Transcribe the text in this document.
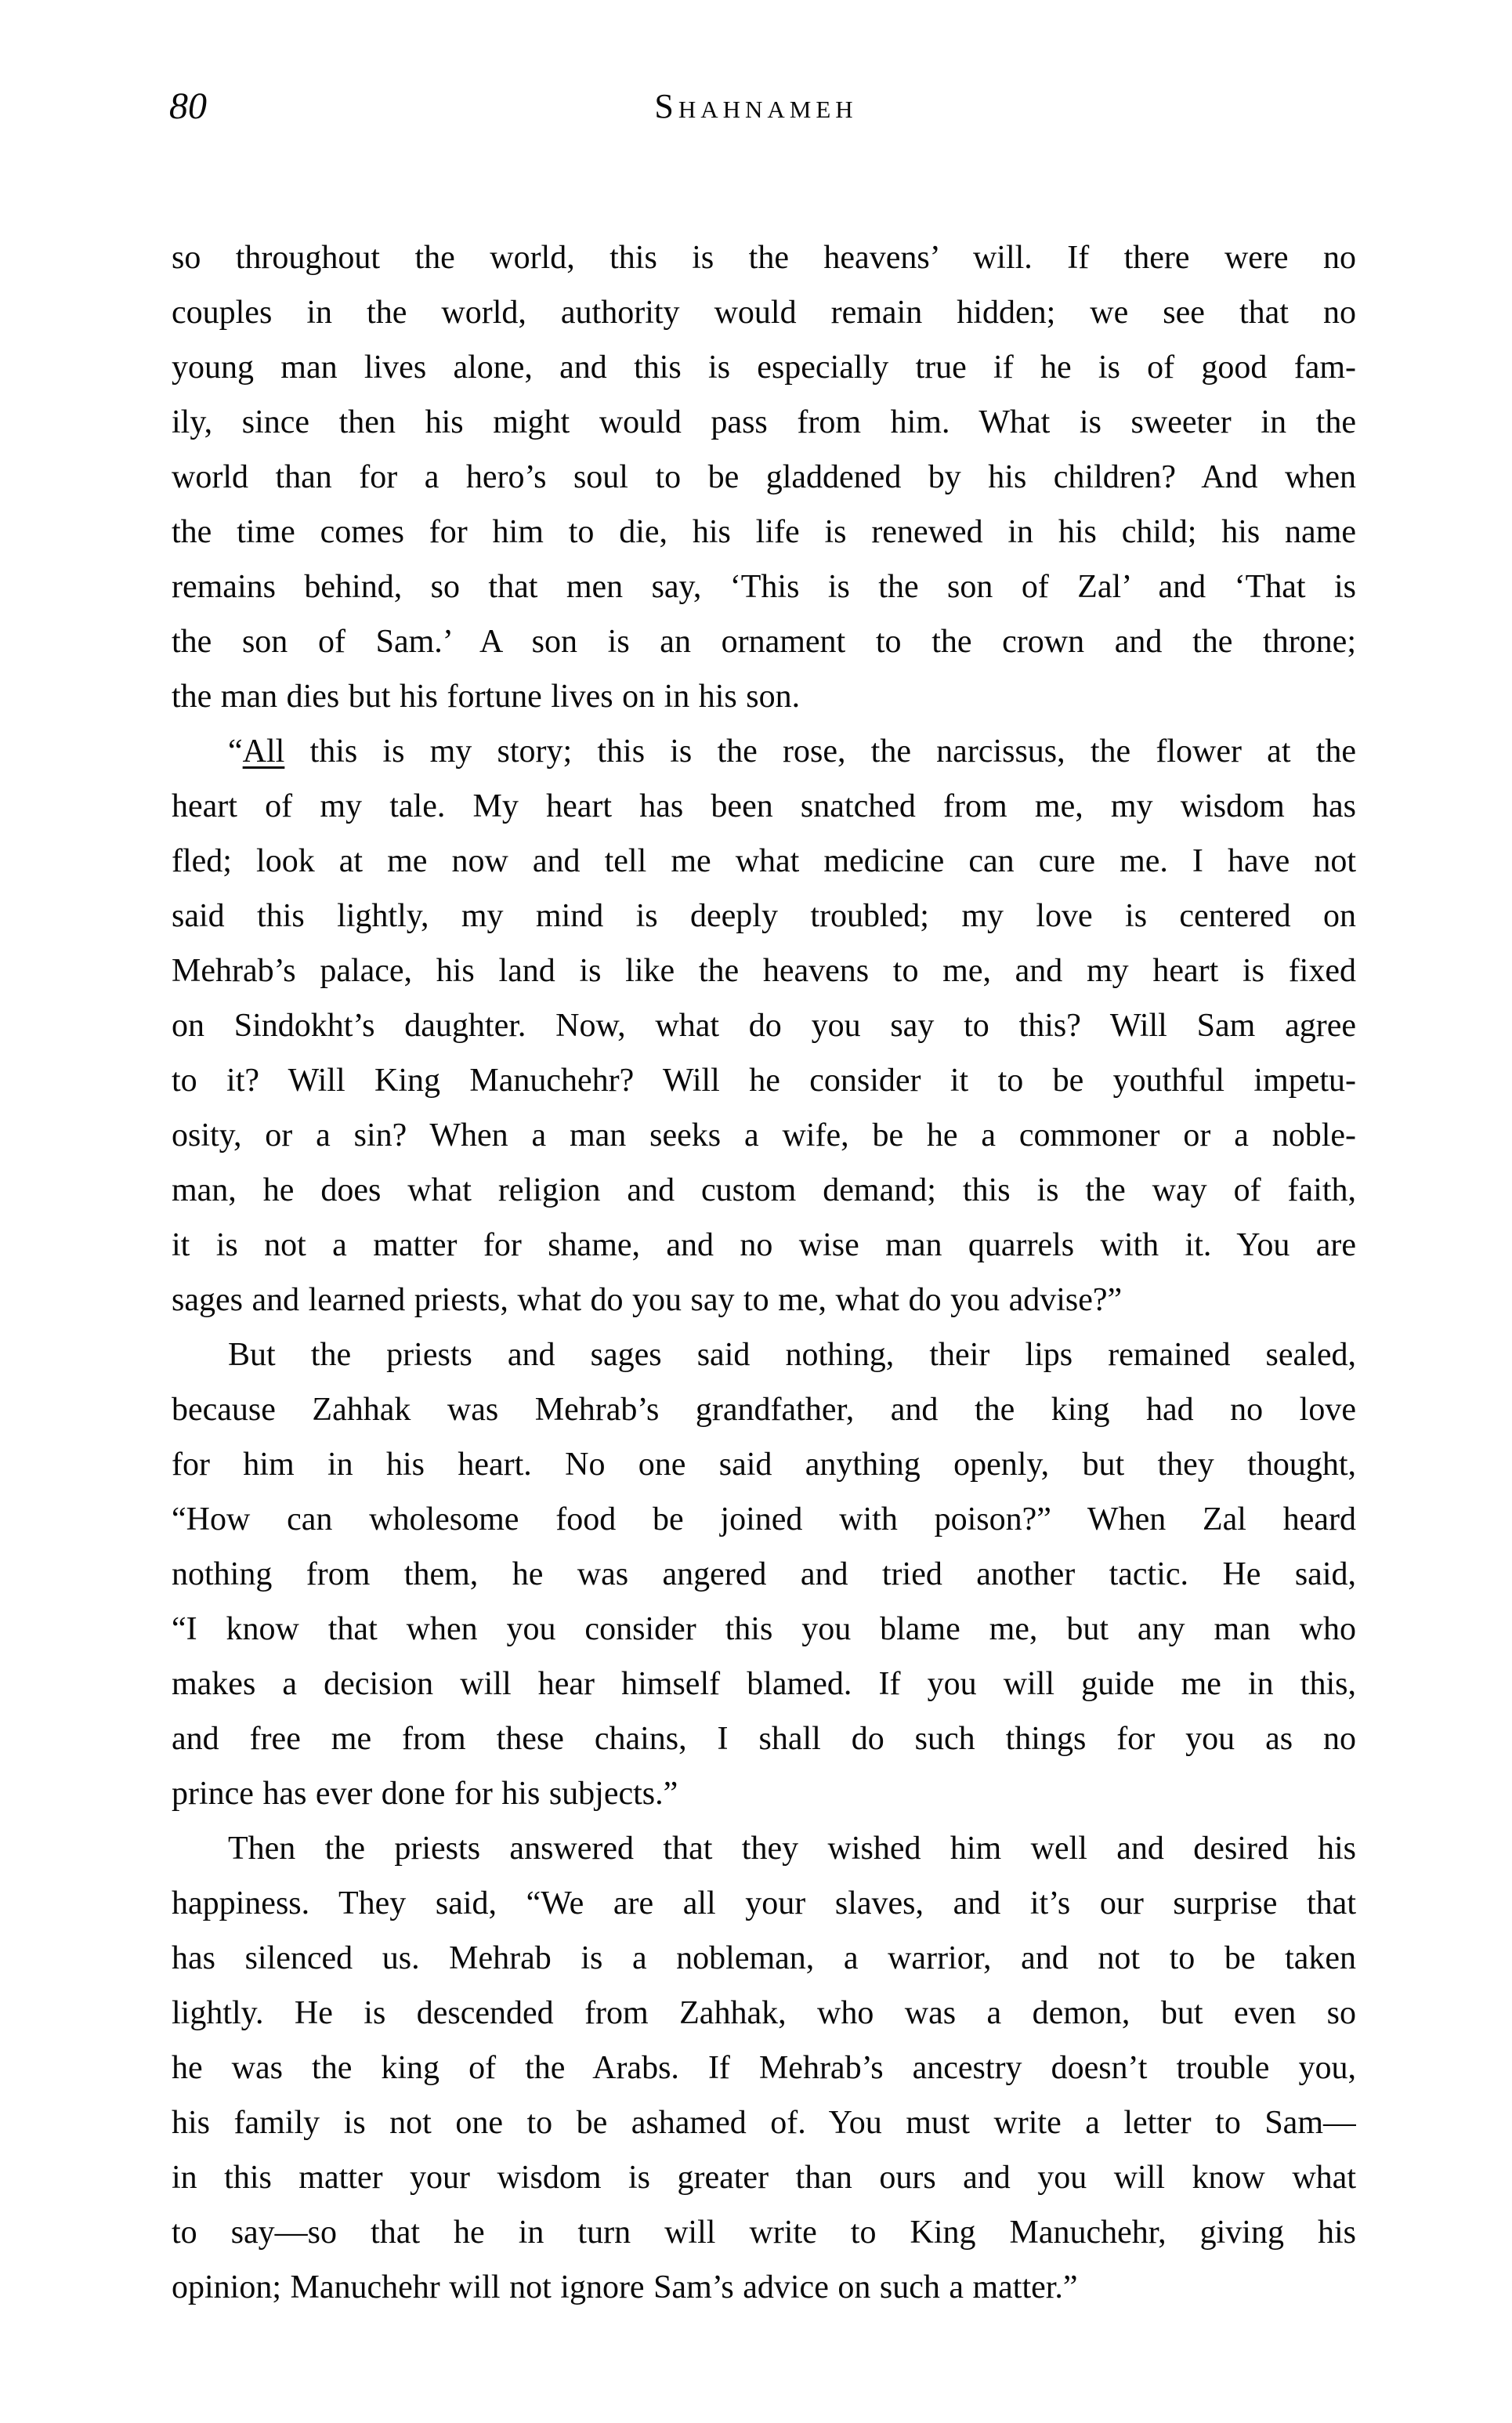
80	Shahnameh
so throughout the world, this is the heavens’ will. If there were no
couples in the world, authority would remain hidden; we see that no
young man lives alone, and this is especially true if he is of good fam-
ily, since then his might would pass from him. What is sweeter in the
world than for a hero’s soul to be gladdened by his children? And when
the time comes for him to die, his life is renewed in his child; his name
remains behind, so that men say, ‘This is the son of Zal’ and ‘That is
the son of Sam.’ A son is an ornament to the crown and the throne;
the man dies but his fortune lives on in his son.
“All this is my story; this is the rose, the narcissus, the flower at the
heart of my tale. My heart has been snatched from me, my wisdom has
fled; look at me now and tell me what medicine can cure me. I have not
said this lightly, my mind is deeply troubled; my love is centered on
Mehrab’s palace, his land is like the heavens to me, and my heart is fixed
on Sindokht’s daughter. Now, what do you say to this? Will Sam agree
to it? Will King Manuchehr? Will he consider it to be youthful impetu-
osity, or a sin? When a man seeks a wife, be he a commoner or a noble-
man, he does what religion and custom demand; this is the way of faith,
it is not a matter for shame, and no wise man quarrels with it. You are
sages and learned priests, what do you say to me, what do you advise?”
But the priests and sages said nothing, their lips remained sealed,
because Zahhak was Mehrab’s grandfather, and the king had no love
for him in his heart. No one said anything openly, but they thought,
“How can wholesome food be joined with poison?” When Zal heard
nothing from them, he was angered and tried another tactic. He said,
“I know that when you consider this you blame me, but any man who
makes a decision will hear himself blamed. If you will guide me in this,
and free me from these chains, I shall do such things for you as no
prince has ever done for his subjects.”
Then the priests answered that they wished him well and desired his
happiness. They said, “We are all your slaves, and it’s our surprise that
has silenced us. Mehrab is a nobleman, a warrior, and not to be taken
lightly. He is descended from Zahhak, who was a demon, but even so
he was the king of the Arabs. If Mehrab’s ancestry doesn’t trouble you,
his family is not one to be ashamed of. You must write a letter to Sam—
in this matter your wisdom is greater than ours and you will know what
to say—so that he in turn will write to King Manuchehr, giving his
opinion; Manuchehr will not ignore Sam’s advice on such a matter.”
